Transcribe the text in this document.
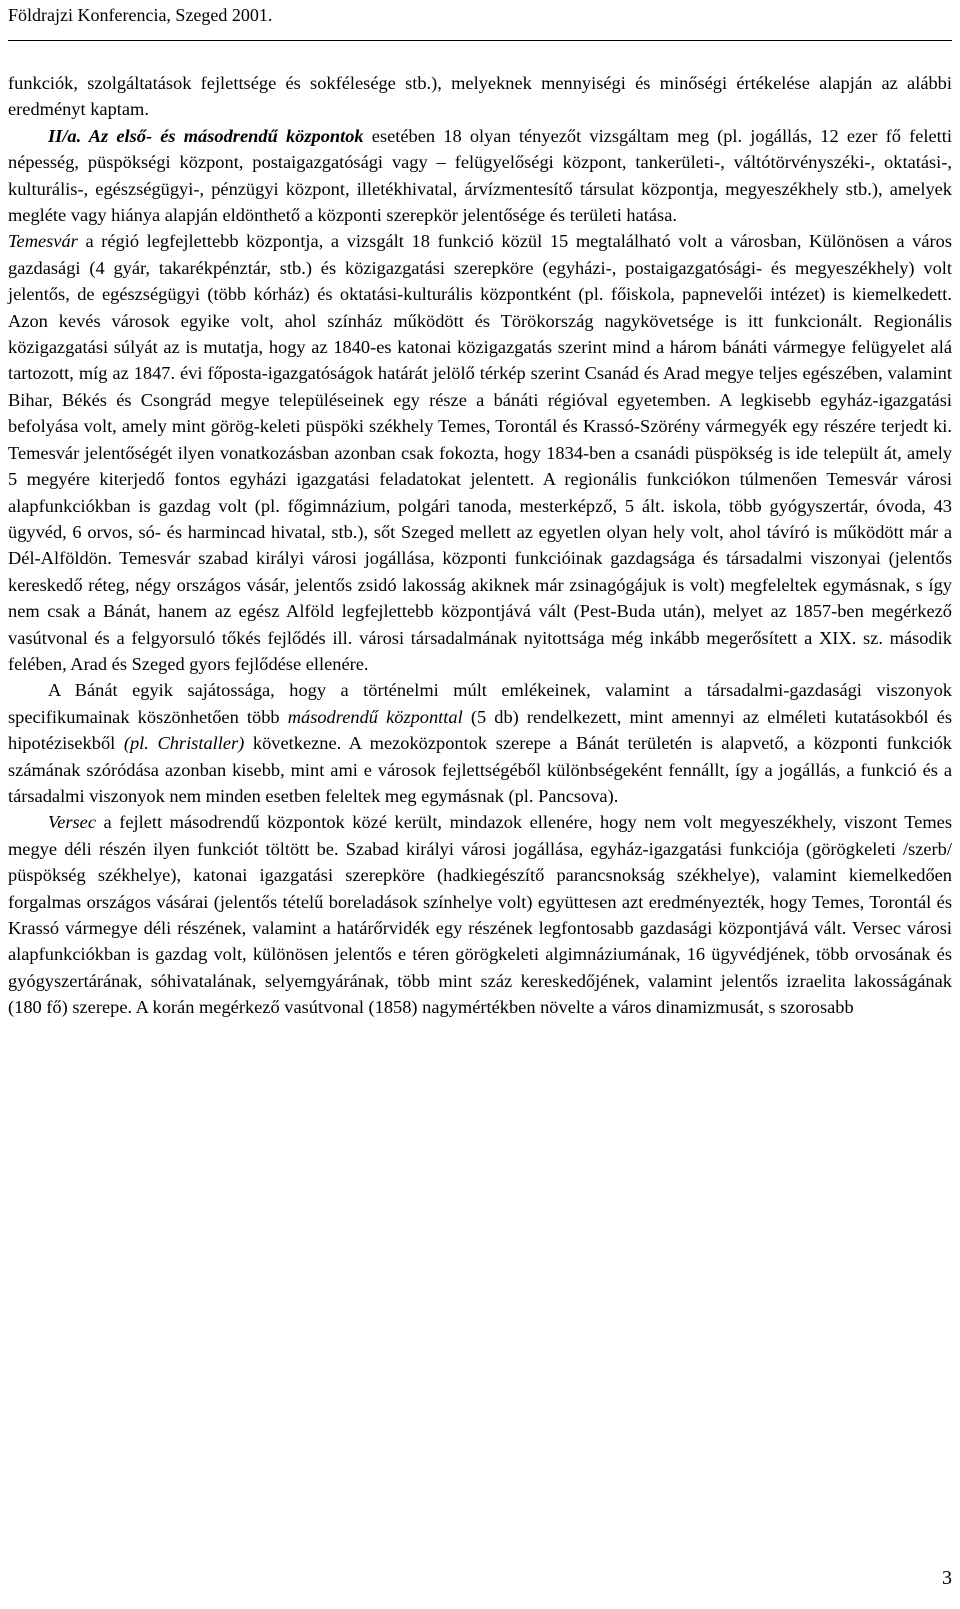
Földrajzi Konferencia, Szeged 2001.

funkciók, szolgáltatások fejlettsége és sokfélesége stb.), melyeknek mennyiségi és minőségi értékelése alapján az alábbi eredményt kaptam.

II/a. Az első- és másodrendű központok esetében 18 olyan tényezőt vizsgáltam meg (pl. jogállás, 12 ezer fő feletti népesség, püspökségi központ, postaigazgatósági vagy – felügyelőségi központ, tankerületi-, váltótörvényszéki-, oktatási-, kulturális-, egészségügyi-, pénzügyi központ, illetékhivatal, árvízmentesítő társulat központja, megyeszékhely stb.), amelyek megléte vagy hiánya alapján eldönthető a központi szerepkör jelentősége és területi hatása.

Temesvár a régió legfejlettebb központja, a vizsgált 18 funkció közül 15 megtalálható volt a városban, Különösen a város gazdasági (4 gyár, takarékpénztár, stb.) és közigazgatási szerepköre (egyházi-, postaigazgatósági- és megyeszékhely) volt jelentős, de egészségügyi (több kórház) és oktatási-kulturális központként (pl. főiskola, papnevelői intézet) is kiemelkedett. Azon kevés városok egyike volt, ahol színház működött és Törökország nagykövetsége is itt funkcionált. Regionális közigazgatási súlyát az is mutatja, hogy az 1840-es katonai közigazgatás szerint mind a három bánáti vármegye felügyelet alá tartozott, míg az 1847. évi főposta-igazgatóságok határát jelölő térkép szerint Csanád és Arad megye teljes egészében, valamint Bihar, Békés és Csongrád megye településeinek egy része a bánáti régióval egyetemben. A legkisebb egyház-igazgatási befolyása volt, amely mint görög-keleti püspöki székhely Temes, Torontál és Krassó-Szörény vármegyék egy részére terjedt ki. Temesvár jelentőségét ilyen vonatkozásban azonban csak fokozta, hogy 1834-ben a csanádi püspökség is ide települt át, amely 5 megyére kiterjedő fontos egyházi igazgatási feladatokat jelentett. A regionális funkciókon túlmenően Temesvár városi alapfunkciókban is gazdag volt (pl. főgimnázium, polgári tanoda, mesterképző, 5 ált. iskola, több gyógyszertár, óvoda, 43 ügyvéd, 6 orvos, só- és harmincad hivatal, stb.), sőt Szeged mellett az egyetlen olyan hely volt, ahol távíró is működött már a Dél-Alföldön. Temesvár szabad királyi városi jogállása, központi funkcióinak gazdagsága és társadalmi viszonyai (jelentős kereskedő réteg, négy országos vásár, jelentős zsidó lakosság akiknek már zsinagógájuk is volt) megfeleltek egymásnak, s így nem csak a Bánát, hanem az egész Alföld legfejlettebb központjává vált (Pest-Buda után), melyet az 1857-ben megérkező vasútvonal és a felgyorsuló tőkés fejlődés ill. városi társadalmának nyitottsága még inkább megerősített a XIX. sz. második felében, Arad és Szeged gyors fejlődése ellenére.

A Bánát egyik sajátossága, hogy a történelmi múlt emlékeinek, valamint a társadalmi-gazdasági viszonyok specifikumainak köszönhetően több másodrendű központtal (5 db) rendelkezett, mint amennyi az elméleti kutatásokból és hipotézisekből (pl. Christaller) következne. A mezoközpontok szerepe a Bánát területén is alapvető, a központi funkciók számának szóródása azonban kisebb, mint ami e városok fejlettségéből különbségeként fennállt, így a jogállás, a funkció és a társadalmi viszonyok nem minden esetben feleltek meg egymásnak (pl. Pancsova).

Versec a fejlett másodrendű központok közé került, mindazok ellenére, hogy nem volt megyeszékhely, viszont Temes megye déli részén ilyen funkciót töltött be. Szabad királyi városi jogállása, egyház-igazgatási funkciója (görögkeleti /szerb/ püspökség székhelye), katonai igazgatási szerepköre (hadkiegészítő parancsnokság székhelye), valamint kiemelkedően forgalmas országos vásárai (jelentős tételű boreladások színhelye volt) együttesen azt eredményezték, hogy Temes, Torontál és Krassó vármegye déli részének, valamint a határőrvidék egy részének legfontosabb gazdasági központjává vált. Versec városi alapfunkciókban is gazdag volt, különösen jelentős e téren görögkeleti algimnáziumának, 16 ügyvédjének, több orvosának és gyógyszertárának, sóhivatalának, selyemgyárának, több mint száz kereskedőjének, valamint jelentős izraelita lakosságának (180 fő) szerepe. A korán megérkező vasútvonal (1858) nagymértékben növelte a város dinamizmusát, s szorosabb

3
